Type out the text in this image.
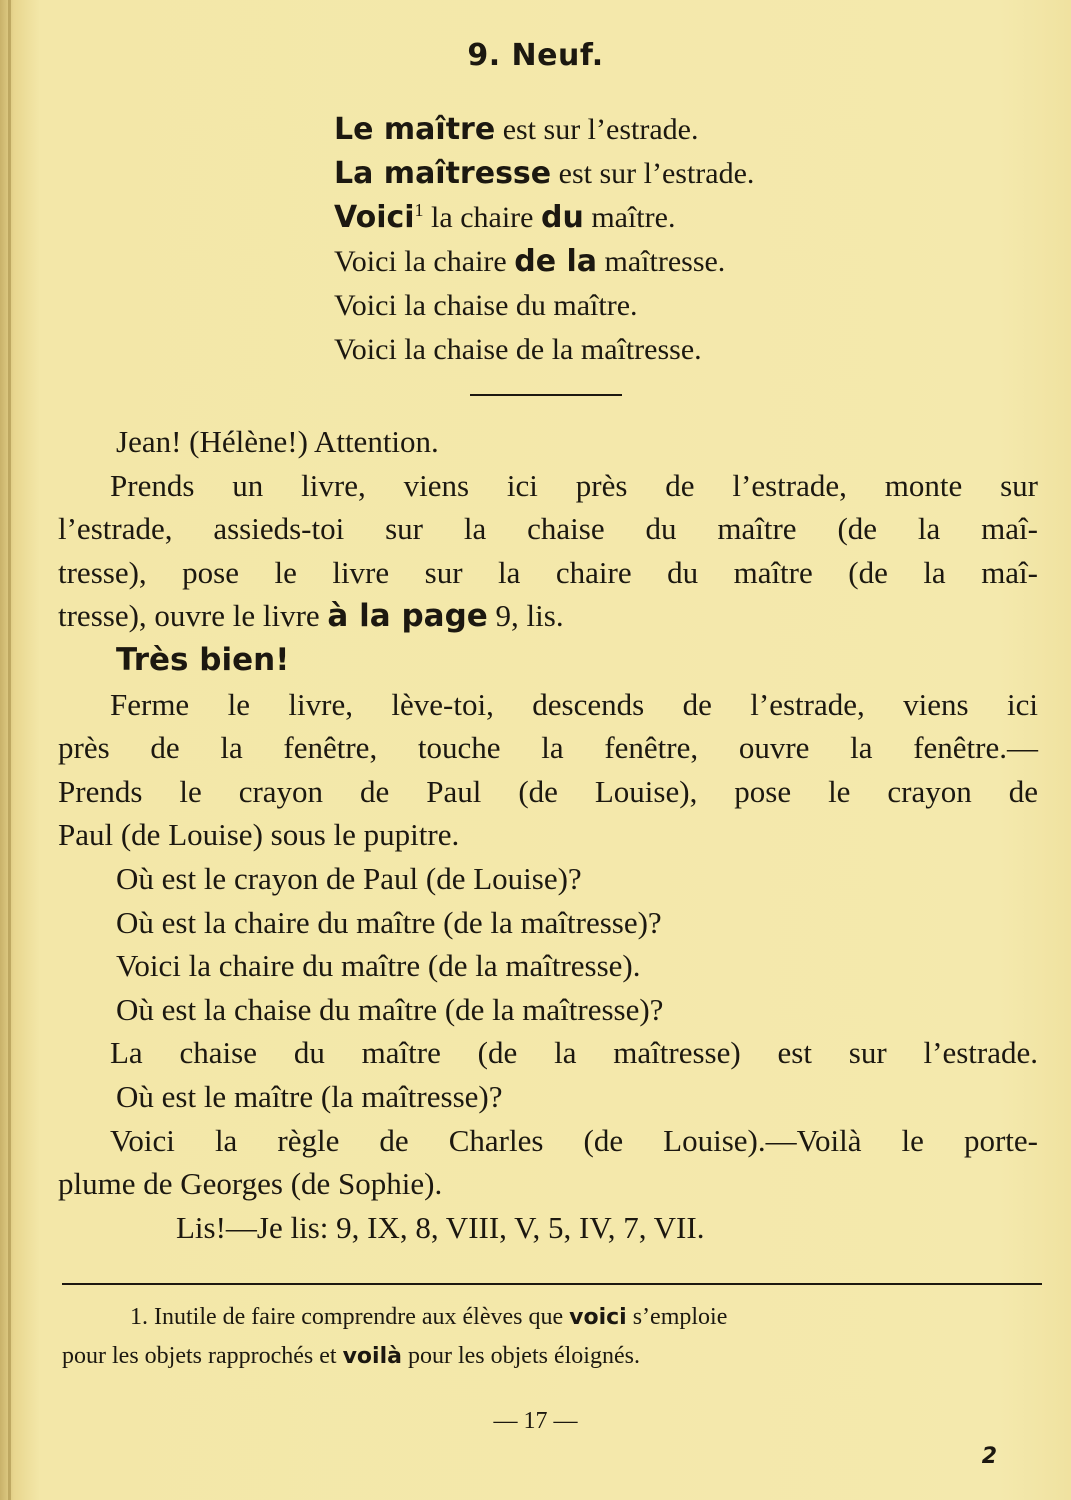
9. Neuf.
Le maître est sur l’estrade.
La maîtresse est sur l’estrade.
Voici$^1$ la chaire du maître.
Voici la chaire de la maîtresse.
Voici la chaise du maître.
Voici la chaise de la maîtresse.
Jean! (Hélène!) Attention.
Prends un livre, viens ici près de l’estrade, monte sur
l’estrade, assieds-toi sur la chaise du maître (de la maî-
tresse), pose le livre sur la chaire du maître (de la maî-
tresse), ouvre le livre à la page 9, lis.
Très bien!
Ferme le livre, lève-toi, descends de l’estrade, viens ici
près de la fenêtre, touche la fenêtre, ouvre la fenêtre.—
Prends le crayon de Paul (de Louise), pose le crayon de
Paul (de Louise) sous le pupitre.
Où est le crayon de Paul (de Louise)?
Où est la chaire du maître (de la maîtresse)?
Voici la chaire du maître (de la maîtresse).
Où est la chaise du maître (de la maîtresse)?
La chaise du maître (de la maîtresse) est sur l’estrade.
Où est le maître (la maîtresse)?
Voici la règle de Charles (de Louise).—Voilà le porte-
plume de Georges (de Sophie).
Lis!—Je lis: 9, IX, 8, VIII, V, 5, IV, 7, VII.
1. Inutile de faire comprendre aux élèves que voici s’emploie
pour les objets rapprochés et voilà pour les objets éloignés.
— 17 —
2
